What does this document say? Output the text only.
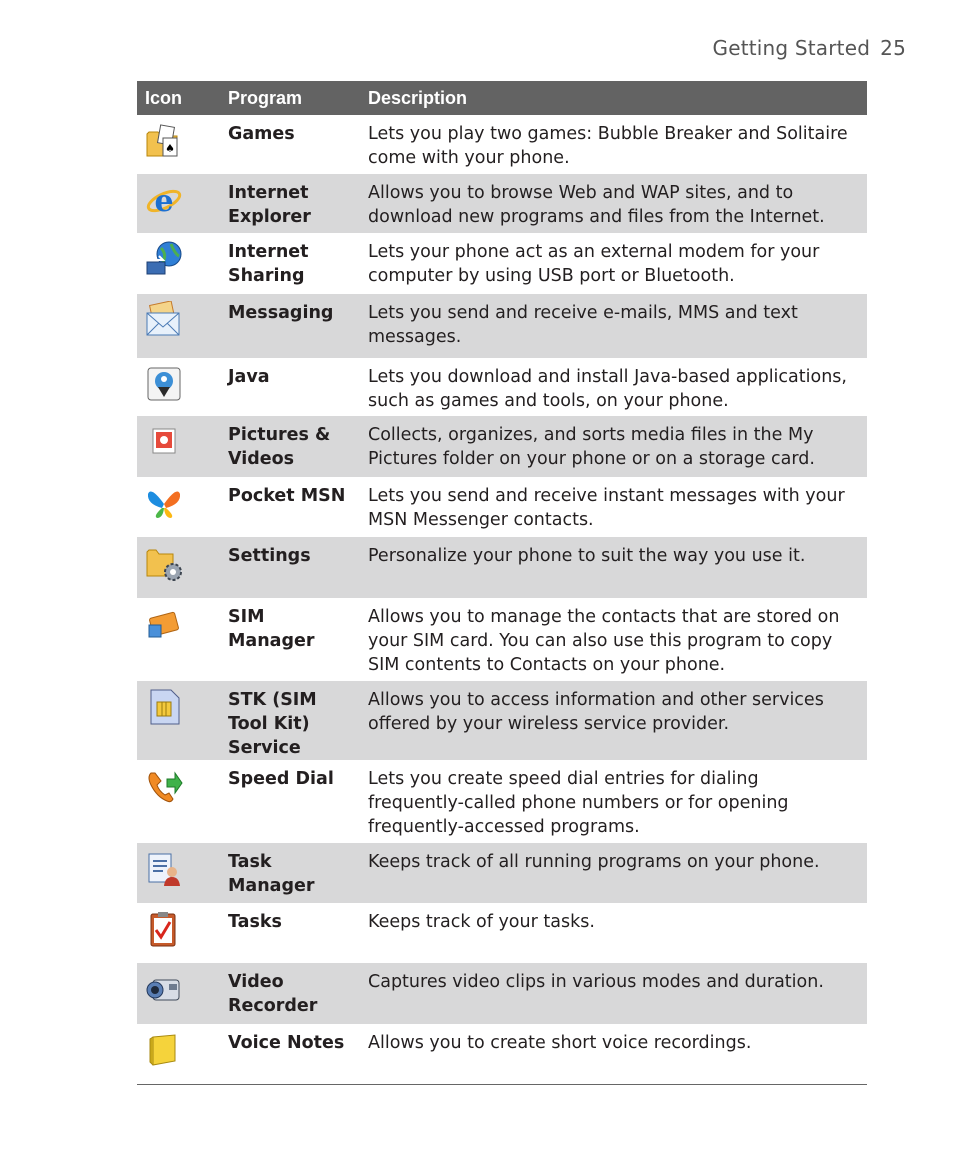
Getting Started 25
Icon	Program	Description

♠	Games	Lets you play two games: Bubble Breaker and Solitaire come with your phone.

e	Internet Explorer	Allows you to browse Web and WAP sites, and to download new programs and files from the Internet.

	Internet Sharing	Lets your phone act as an external modem for your computer by using USB port or Bluetooth.

	Messaging	Lets you send and receive e-mails, MMS and text messages.

	Java	Lets you download and install Java-based applications, such as games and tools, on your phone.

	Pictures & Videos	Collects, organizes, and sorts media files in the My Pictures folder on your phone or on a storage card.

	Pocket MSN	Lets you send and receive instant messages with your MSN Messenger contacts.

	Settings	Personalize your phone to suit the way you use it.

	SIM Manager	Allows you to manage the contacts that are stored on your SIM card. You can also use this program to copy SIM contents to Contacts on your phone.

	STK (SIM Tool Kit) Service	Allows you to access information and other services offered by your wireless service provider.

	Speed Dial	Lets you create speed dial entries for dialing frequently-called phone numbers or for opening frequently-accessed programs.

	Task Manager	Keeps track of all running programs on your phone.

	Tasks	Keeps track of your tasks.

	Video Recorder	Captures video clips in various modes and duration.

	Voice Notes	Allows you to create short voice recordings.
